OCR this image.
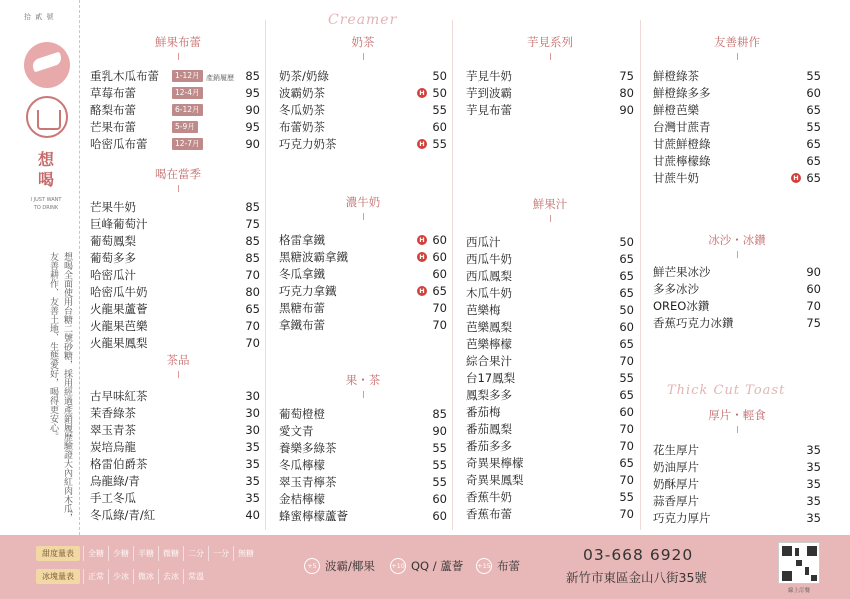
拾 貳 號
想喝
I JUST WANT TO DRINK
想喝全面使用台糖二號砂糖，採用經過產銷履歷驗證大內紅肉木瓜，
友善耕作、友善土地、生態愛好，喝得更安心。
Creamer
Thick Cut Toast
鮮果布蕾
重乳木瓜布蕾	1-12月 產銷履歷 85
草莓布蕾	12-4月	95
酪梨布蕾	6-12月	90
芒果布蕾	5-9月	95
哈密瓜布蕾	12-7月	90
喝在當季
芒果牛奶	85
巨峰葡萄汁	75
葡萄鳳梨	85
葡萄多多	85
哈密瓜汁	70
哈密瓜牛奶	80
火龍果蘆薈	65
火龍果芭樂	70
火龍果鳳梨	70
茶品
古早味紅茶	30
茉香綠茶	30
翠玉青茶	30
炭培烏龍	35
格雷伯爵茶	35
烏龍綠/青	35
手工冬瓜	35
冬瓜綠/青/紅	40
奶茶
奶茶/奶綠	50
波霸奶茶	H 50
冬瓜奶茶	55
布蕾奶茶	60
巧克力奶茶	H 55
濃牛奶
格雷拿鐵	H 60
黑糖波霸拿鐵	H 60
冬瓜拿鐵	60
巧克力拿鐵	H 65
黑糖布蕾	70
拿鐵布蕾	70
果・茶
葡萄橙橙	85
愛文青	90
養樂多綠茶	55
冬瓜檸檬	55
翠玉青檸茶	55
金桔檸檬	60
蜂蜜檸檬蘆薈	60
芋見系列
芋見牛奶	75
芋到波霸	80
芋見布蕾	90
鮮果汁
西瓜汁	50
西瓜牛奶	65
西瓜鳳梨	65
木瓜牛奶	65
芭樂梅	50
芭樂鳳梨	60
芭樂檸檬	65
綜合果汁	70
台17鳳梨	55
鳳梨多多	65
番茄梅	60
番茄鳳梨	70
番茄多多	70
奇異果檸檬	65
奇異果鳳梨	70
香蕉牛奶	55
香蕉布蕾	70
友善耕作
鮮橙綠茶	55
鮮橙綠多多	60
鮮橙芭樂	65
台灣甘蔗青	55
甘蔗鮮橙綠	65
甘蔗檸檬綠	65
甘蔗牛奶	H 65
冰沙・冰鑽
鮮芒果冰沙	90
多多冰沙	60
OREO冰鑽	70
香蕉巧克力冰鑽	75
厚片・輕食
花生厚片	35
奶油厚片	35
奶酥厚片	35
蒜香厚片	35
巧克力厚片	35
甜度量表	全糖	少糖	半糖	微糖	二分	一分	無糖
冰塊量表	正常	少冰	微冰	去冰	常溫
+5 波霸/椰果	+10 QQ / 蘆薈 +15 布蕾
03-668 6920
新竹市東區金山八街35號
線上訂餐
